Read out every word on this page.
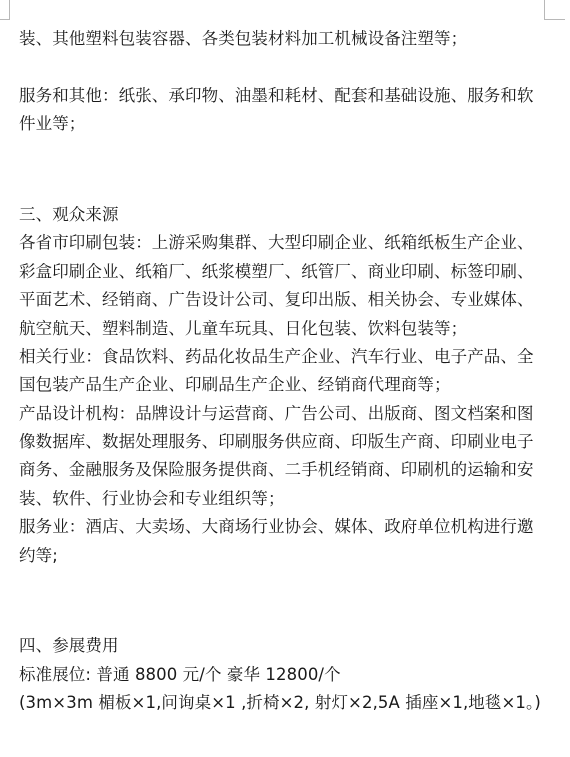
装、其他塑料包装容器、各类包装材料加工机械设备注塑等；
服务和其他：纸张、承印物、油墨和耗材、配套和基础设施、服务和软
件业等；
三、观众来源
各省市印刷包装：上游采购集群、大型印刷企业、纸箱纸板生产企业、
彩盒印刷企业、纸箱厂、纸浆模塑厂、纸管厂、商业印刷、标签印刷、
平面艺术、经销商、广告设计公司、复印出版、相关协会、专业媒体、
航空航天、塑料制造、儿童车玩具、日化包装、饮料包装等；
相关行业：食品饮料、药品化妆品生产企业、汽车行业、电子产品、全
国包装产品生产企业、印刷品生产企业、经销商代理商等；
产品设计机构：品牌设计与运营商、广告公司、出版商、图文档案和图
像数据库、数据处理服务、印刷服务供应商、印版生产商、印刷业电子
商务、金融服务及保险服务提供商、二手机经销商、印刷机的运输和安
装、软件、行业协会和专业组织等；
服务业：酒店、大卖场、大商场行业协会、媒体、政府单位机构进行邀
约等;
四、参展费用
标准展位: 普通 8800 元/个 豪华 12800/个
(3m×3m 楣板×1,问询桌×1 ,折椅×2, 射灯×2,5A 插座×1,地毯×1。)
